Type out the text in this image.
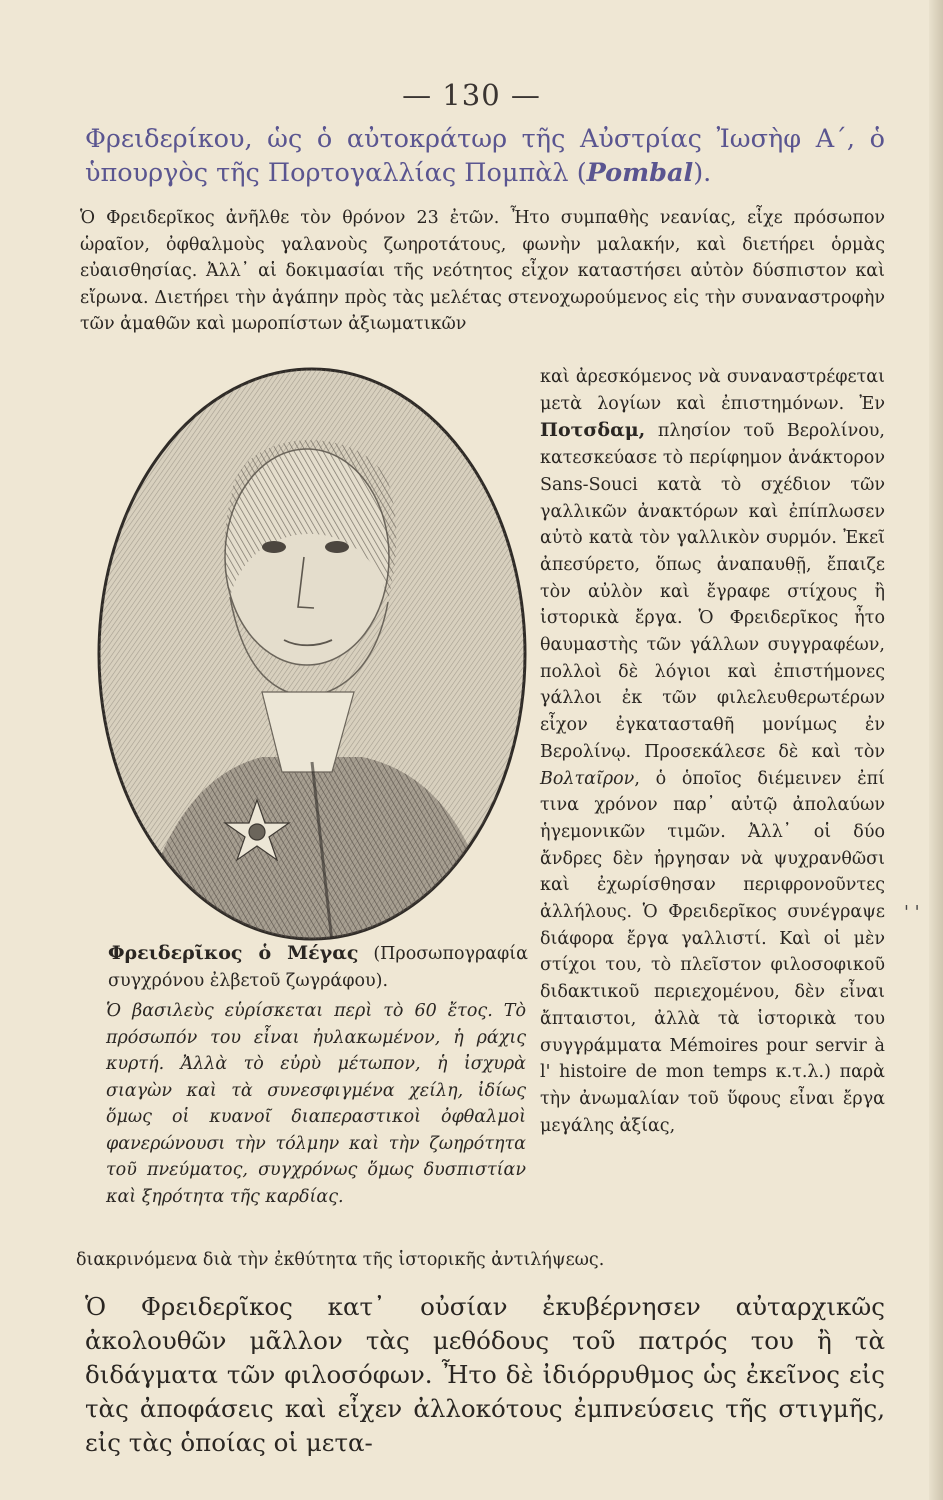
— 130 —
Φρειδερίκου, ὡς ὁ αὐτοκράτωρ τῆς Αὐστρίας Ἰωσὴφ Α΄, ὁ ὑπουργὸς τῆς Πορτογαλλίας Πομπὰλ (Pombal).
Ὁ Φρειδερῖκος ἀνῆλθε τὸν θρόνον 23 ἐτῶν. Ἦτο συμπαθὴς νεανίας, εἶχε πρόσωπον ὡραῖον, ὀφθαλμοὺς γαλανοὺς ζωηροτάτους, φωνὴν μαλακήν, καὶ διετήρει ὁρμὰς εὐαισθησίας. Ἀλλ᾽ αἱ δοκιμασίαι τῆς νεότητος εἶχον καταστήσει αὐτὸν δύσπιστον καὶ εἴρωνα. Διετήρει τὴν ἀγάπην πρὸς τὰς μελέτας στενοχωρούμενος εἰς τὴν συναναστροφὴν τῶν ἀμαθῶν καὶ μωροπίστων ἀξιωματικῶν
καὶ ἀρεσκόμενος νὰ συναναστρέφεται μετὰ λογίων καὶ ἐπιστημόνων. Ἐν Ποτσδαμ, πλησίον τοῦ Βερολίνου, κατεσκεύασε τὸ περίφημον ἀνάκτορον Sans-Souci κατὰ τὸ σχέδιον τῶν γαλλικῶν ἀνακτόρων καὶ ἐπίπλωσεν αὐτὸ κατὰ τὸν γαλλικὸν συρμόν. Ἐκεῖ ἀπεσύρετο, ὅπως ἀναπαυθῇ, ἔπαιζε τὸν αὐλὸν καὶ ἔγραφε στίχους ἢ ἱστορικὰ ἔργα. Ὁ Φρειδερῖκος ἦτο θαυμαστὴς τῶν γάλλων συγγραφέων, πολλοὶ δὲ λόγιοι καὶ ἐπιστήμονες γάλλοι ἐκ τῶν φιλελευθερωτέρων εἶχον ἐγκατασταθῆ μονίμως ἐν Βερολίνῳ. Προσεκάλεσε δὲ καὶ τὸν Βολταῖρον, ὁ ὁποῖος διέμεινεν ἐπί τινα χρόνον παρ᾽ αὐτῷ ἀπολαύων ἡγεμονικῶν τιμῶν. Ἀλλ᾽ οἱ δύο ἄνδρες δὲν ἠργησαν νὰ ψυχρανθῶσι καὶ ἐχωρίσθησαν περιφρονοῦντες ἀλλήλους. Ὁ Φρειδερῖκος συνέγραψε διάφορα ἔργα γαλλιστί. Καὶ οἱ μὲν στίχοι του, τὸ πλεῖστον φιλοσοφικοῦ διδακτικοῦ περιεχομένου, δὲν εἶναι ἄπταιστοι, ἀλλὰ τὰ ἱστορικὰ του συγγράμματα Mémoires pour servir à l' histoire de mon temps κ.τ.λ.) παρὰ τὴν ἀνωμαλίαν τοῦ ὕφους εἶναι ἔργα μεγάλης ἀξίας,
Φρειδερῖκος ὁ Μέγας (Προσωπογραφία συγχρόνου ἐλβετοῦ ζωγράφου).
Ὁ βασιλεὺς εὑρίσκεται περὶ τὸ 60 ἔτος. Τὸ πρόσωπόν του εἶναι ἠυλακωμένον, ἡ ράχις κυρτή. Ἀλλὰ τὸ εὐρὺ μέτωπον, ἡ ἰσχυρὰ σιαγὼν καὶ τὰ συνεσφιγμένα χείλη, ἰδίως ὅμως οἱ κυανοῖ διαπεραστικοὶ ὀφθαλμοὶ φανερώνουσι τὴν τόλμην καὶ τὴν ζωηρότητα τοῦ πνεύματος, συγχρόνως ὅμως δυσπιστίαν καὶ ξηρότητα τῆς καρδίας.
διακρινόμενα διὰ τὴν ἐκθύτητα τῆς ἱστορικῆς ἀντιλήψεως.
Ὁ Φρειδερῖκος κατ᾽ οὐσίαν ἐκυβέρνησεν αὐταρχικῶς ἀκολουθῶν μᾶλλον τὰς μεθόδους τοῦ πατρός του ἢ τὰ διδάγματα τῶν φιλοσόφων. Ἦτο δὲ ἰδιόρρυθμος ὡς ἐκεῖνος εἰς τὰς ἀποφάσεις καὶ εἶχεν ἀλλοκότους ἐμπνεύσεις τῆς στιγμῆς, εἰς τὰς ὁποίας οἱ μετα-
' '
